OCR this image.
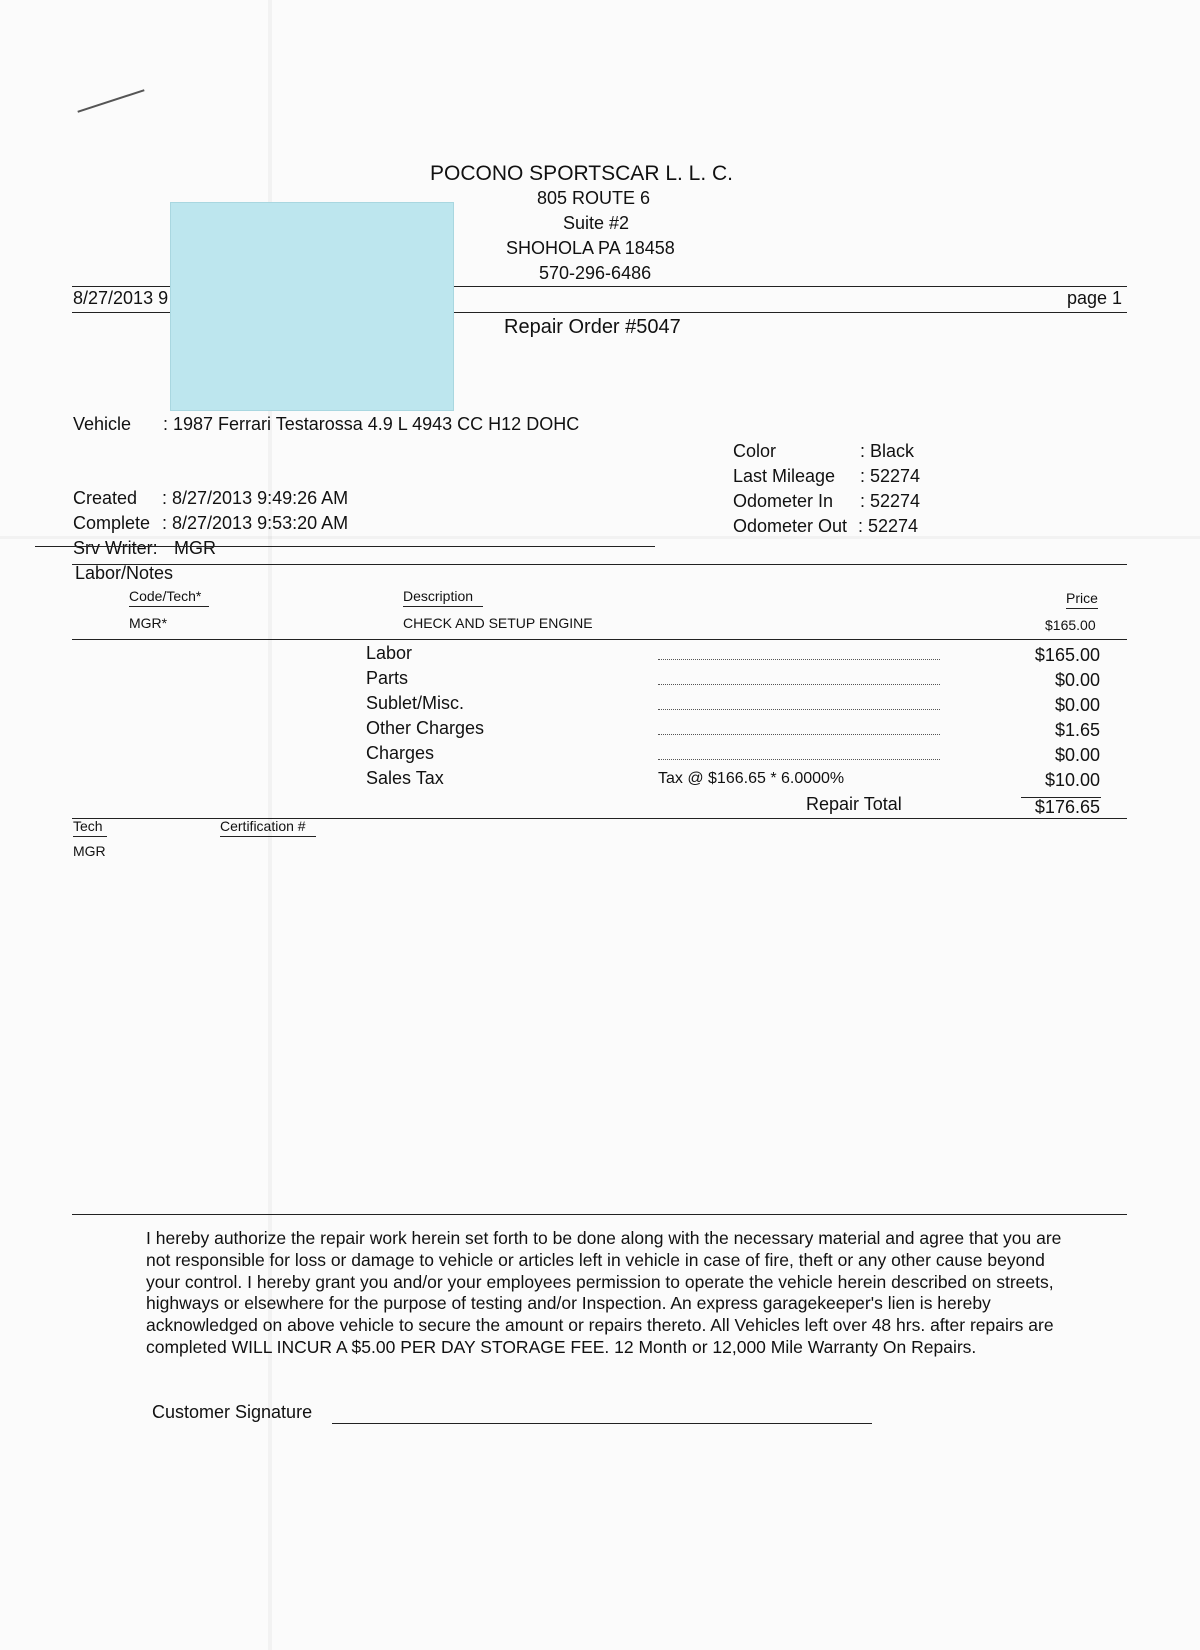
POCONO SPORTSCAR L. L. C.
805 ROUTE 6
Suite #2
SHOHOLA PA 18458
570-296-6486
8/27/2013 9	page 1
Repair Order #5047
Vehicle : 1987 Ferrari Testarossa 4.9 L 4943 CC H12 DOHC
Color	: Black
Last Mileage : 52274
Odometer In : 52274
Odometer Out : 52274
Created : 8/27/2013 9:49:26 AM
Complete : 8/27/2013 9:53:20 AM
Srv Writer: MGR
Labor/Notes
Code/Tech*	Description	Price
MGR*	CHECK AND SETUP ENGINE	$165.00
Labor	$165.00
Parts	$0.00
Sublet/Misc.	$0.00
Other Charges	$1.65
Charges	$0.00
Sales Tax	Tax @ $166.65 * 6.0000%	$10.00
Repair Total	$176.65
Tech	Certification #
MGR
I hereby authorize the repair work herein set forth to be done along with the necessary material and agree that you are not responsible for loss or damage to vehicle or articles left in vehicle in case of fire, theft or any other cause beyond your control. I hereby grant you and/or your employees permission to operate the vehicle herein described on streets, highways or elsewhere for the purpose of testing and/or Inspection. An express garagekeeper's lien is hereby acknowledged on above vehicle to secure the amount or repairs thereto. All Vehicles left over 48 hrs. after repairs are completed WILL INCUR A $5.00 PER DAY STORAGE FEE. 12 Month or 12,000 Mile Warranty On Repairs.
Customer Signature
